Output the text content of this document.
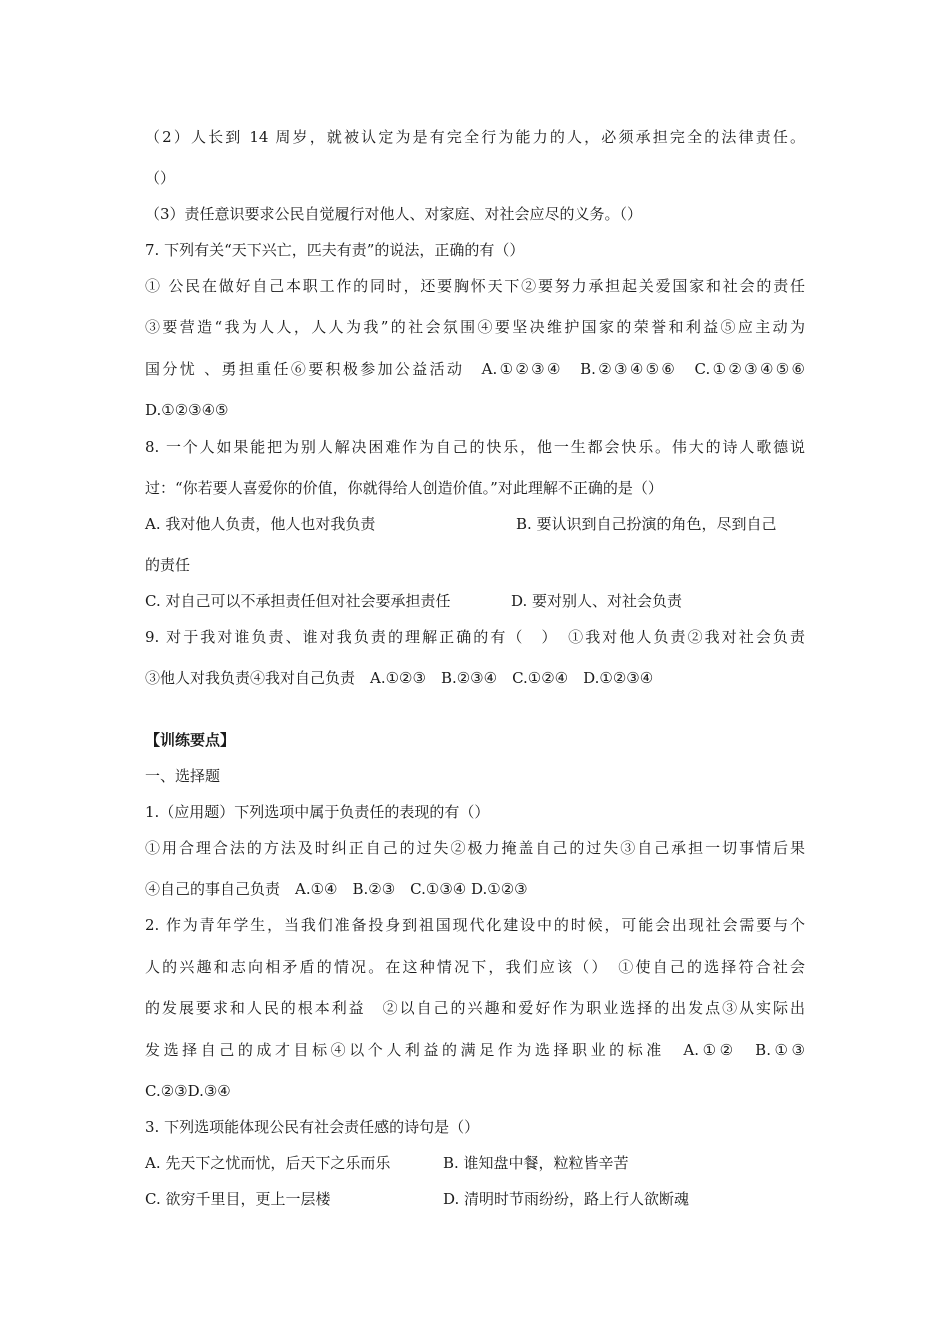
（2）人长到 14 周岁，就被认定为是有完全行为能力的人，必须承担完全的法律责任。
（）
（3）责任意识要求公民自觉履行对他人、对家庭、对社会应尽的义务。（）
7. 下列有关“天下兴亡，匹夫有责”的说法，正确的有（）
① 公民在做好自己本职工作的同时，还要胸怀天下②要努力承担起关爱国家和社会的责任
③要营造“我为人人，人人为我”的社会氛围④要坚决维护国家的荣誉和利益⑤应主动为
国分忧 、勇担重任⑥要积极参加公益活动　A.①②③④　B.②③④⑤⑥　C.①②③④⑤⑥
D.①②③④⑤
8. 一个人如果能把为别人解决困难作为自己的快乐，他一生都会快乐。伟大的诗人歌德说
过：“你若要人喜爱你的价值，你就得给人创造价值。”对此理解不正确的是（）
A. 我对他人负责，他人也对我负责	B. 要认识到自己扮演的角色，尽到自己
的责任
C. 对自己可以不承担责任但对社会要承担责任	D. 要对别人、对社会负责
9. 对于我对谁负责、谁对我负责的理解正确的有（　）　①我对他人负责②我对社会负责
③他人对我负责④我对自己负责　A.①②③　B.②③④　C.①②④　D.①②③④
【训练要点】
一、选择题
1.（应用题）下列选项中属于负责任的表现的有（）
①用合理合法的方法及时纠正自己的过失②极力掩盖自己的过失③自己承担一切事情后果
④自己的事自己负责　A.①④　B.②③　C.①③④ D.①②③
2. 作为青年学生，当我们准备投身到祖国现代化建设中的时候，可能会出现社会需要与个
人的兴趣和志向相矛盾的情况。在这种情况下，我们应该（）　①使自己的选择符合社会
的发展要求和人民的根本利益　②以自己的兴趣和爱好作为职业选择的出发点③从实际出
发选择自己的成才目标④以个人利益的满足作为选择职业的标准　A.①②　B.①③
C.②③D.③④
3. 下列选项能体现公民有社会责任感的诗句是（）
A. 先天下之忧而忧，后天下之乐而乐	B. 谁知盘中餐，粒粒皆辛苦
C. 欲穷千里目，更上一层楼	D. 清明时节雨纷纷，路上行人欲断魂
